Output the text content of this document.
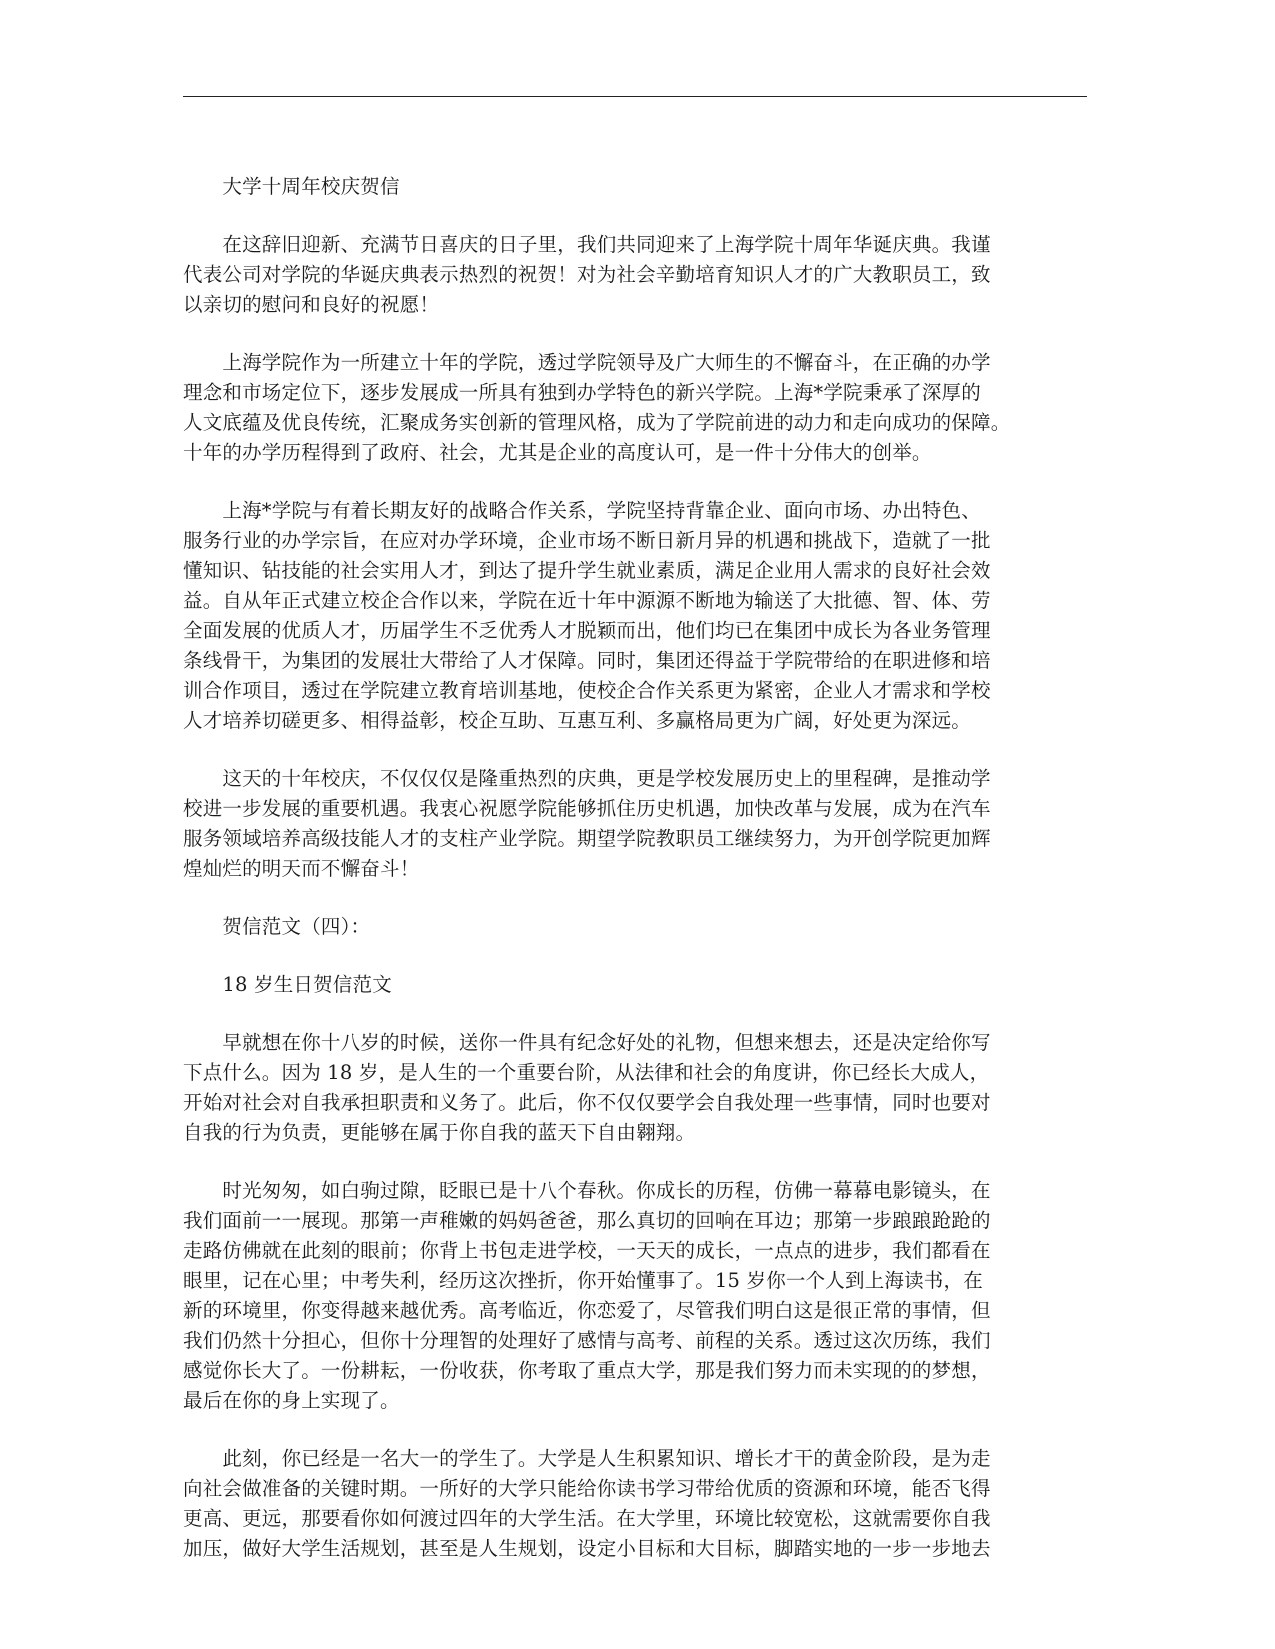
　　大学十周年校庆贺信
　　在这辞旧迎新、充满节日喜庆的日子里，我们共同迎来了上海学院十周年华诞庆典。我谨
代表公司对学院的华诞庆典表示热烈的祝贺！对为社会辛勤培育知识人才的广大教职员工，致
以亲切的慰问和良好的祝愿！
　　上海学院作为一所建立十年的学院，透过学院领导及广大师生的不懈奋斗，在正确的办学
理念和市场定位下，逐步发展成一所具有独到办学特色的新兴学院。上海*学院秉承了深厚的
人文底蕴及优良传统，汇聚成务实创新的管理风格，成为了学院前进的动力和走向成功的保障。
十年的办学历程得到了政府、社会，尤其是企业的高度认可，是一件十分伟大的创举。
　　上海*学院与有着长期友好的战略合作关系，学院坚持背靠企业、面向市场、办出特色、
服务行业的办学宗旨，在应对办学环境，企业市场不断日新月异的机遇和挑战下，造就了一批
懂知识、钻技能的社会实用人才，到达了提升学生就业素质，满足企业用人需求的良好社会效
益。自从年正式建立校企合作以来，学院在近十年中源源不断地为输送了大批德、智、体、劳
全面发展的优质人才，历届学生不乏优秀人才脱颖而出，他们均已在集团中成长为各业务管理
条线骨干，为集团的发展壮大带给了人才保障。同时，集团还得益于学院带给的在职进修和培
训合作项目，透过在学院建立教育培训基地，使校企合作关系更为紧密，企业人才需求和学校
人才培养切磋更多、相得益彰，校企互助、互惠互利、多赢格局更为广阔，好处更为深远。
　　这天的十年校庆，不仅仅仅是隆重热烈的庆典，更是学校发展历史上的里程碑，是推动学
校进一步发展的重要机遇。我衷心祝愿学院能够抓住历史机遇，加快改革与发展，成为在汽车
服务领域培养高级技能人才的支柱产业学院。期望学院教职员工继续努力，为开创学院更加辉
煌灿烂的明天而不懈奋斗！
　　贺信范文（四）：
　　18 岁生日贺信范文
　　早就想在你十八岁的时候，送你一件具有纪念好处的礼物，但想来想去，还是决定给你写
下点什么。因为 18 岁，是人生的一个重要台阶，从法律和社会的角度讲，你已经长大成人，
开始对社会对自我承担职责和义务了。此后，你不仅仅要学会自我处理一些事情，同时也要对
自我的行为负责，更能够在属于你自我的蓝天下自由翱翔。
　　时光匆匆，如白驹过隙，眨眼已是十八个春秋。你成长的历程，仿佛一幕幕电影镜头，在
我们面前一一展现。那第一声稚嫩的妈妈爸爸，那么真切的回响在耳边；那第一步踉踉跄跄的
走路仿佛就在此刻的眼前；你背上书包走进学校，一天天的成长，一点点的进步，我们都看在
眼里，记在心里；中考失利，经历这次挫折，你开始懂事了。15 岁你一个人到上海读书，在
新的环境里，你变得越来越优秀。高考临近，你恋爱了，尽管我们明白这是很正常的事情，但
我们仍然十分担心，但你十分理智的处理好了感情与高考、前程的关系。透过这次历练，我们
感觉你长大了。一份耕耘，一份收获，你考取了重点大学，那是我们努力而未实现的的梦想，
最后在你的身上实现了。
　　此刻，你已经是一名大一的学生了。大学是人生积累知识、增长才干的黄金阶段，是为走
向社会做准备的关键时期。一所好的大学只能给你读书学习带给优质的资源和环境，能否飞得
更高、更远，那要看你如何渡过四年的大学生活。在大学里，环境比较宽松，这就需要你自我
加压，做好大学生活规划，甚至是人生规划，设定小目标和大目标，脚踏实地的一步一步地去
